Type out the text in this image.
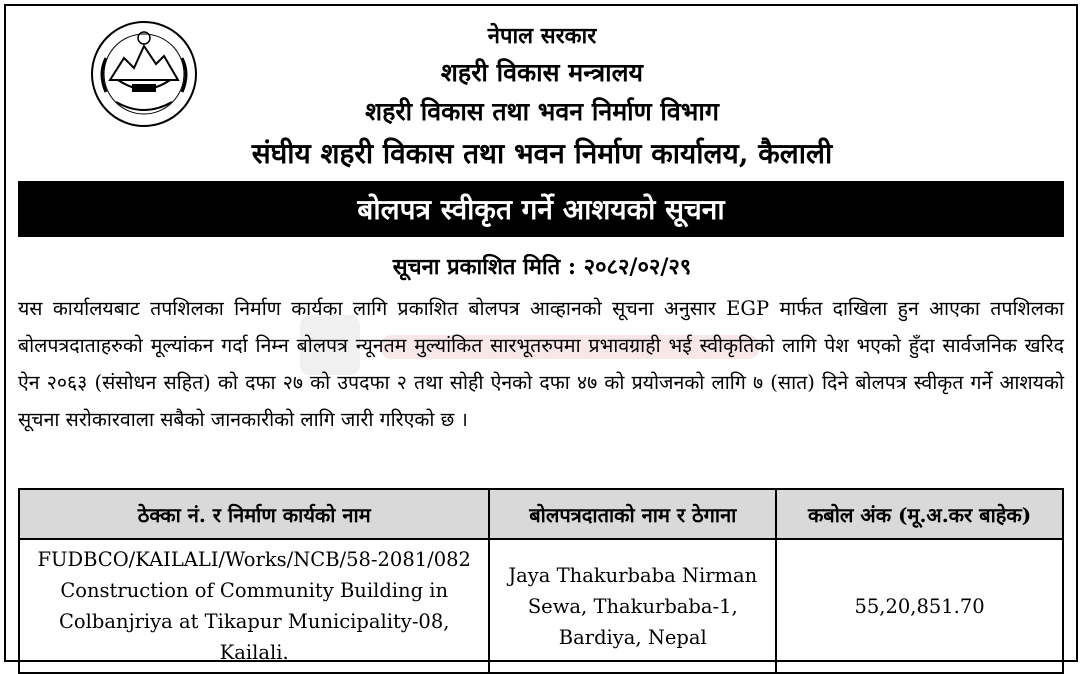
नेपाल सरकार
शहरी विकास मन्त्रालय
शहरी विकास तथा भवन निर्माण विभाग
संघीय शहरी विकास तथा भवन निर्माण कार्यालय, कैलाली
बोलपत्र स्वीकृत गर्ने आशयको सूचना
सूचना प्रकाशित मिति : २०८२/०२/२९

यस कार्यालयबाट तपशिलका निर्माण कार्यका लागि प्रकाशित बोलपत्र आव्हानको सूचना अनुसार EGP मार्फत दाखिला हुन आएका तपशिलका बोलपत्रदाताहरुको मूल्यांकन गर्दा निम्न बोलपत्र न्यूनतम मुल्यांकित सारभूतरुपमा प्रभावग्राही भई स्वीकृतिको लागि पेश भएको हुँदा सार्वजनिक खरिद ऐन २०६३ (संसोधन सहित) को दफा २७ को उपदफा २ तथा सोही ऐनको दफा ४७ को प्रयोजनको लागि ७ (सात) दिने बोलपत्र स्वीकृत गर्ने आशयको सूचना सरोकारवाला सबैको जानकारीको लागि जारी गरिएको छ ।

ठेक्का नं. र निर्माण कार्यको नाम	बोलपत्रदाताको नाम र ठेगाना	कबोल अंक (मू.अ.कर बाहेक)

FUDBCO/KAILALI/Works/NCB/58-2081/082
Construction of Community Building in
Colbanjriya at Tikapur Municipality-08, Kailali.	Jaya Thakurbaba Nirman
Sewa, Thakurbaba-1,
Bardiya, Nepal	55,20,851.70
